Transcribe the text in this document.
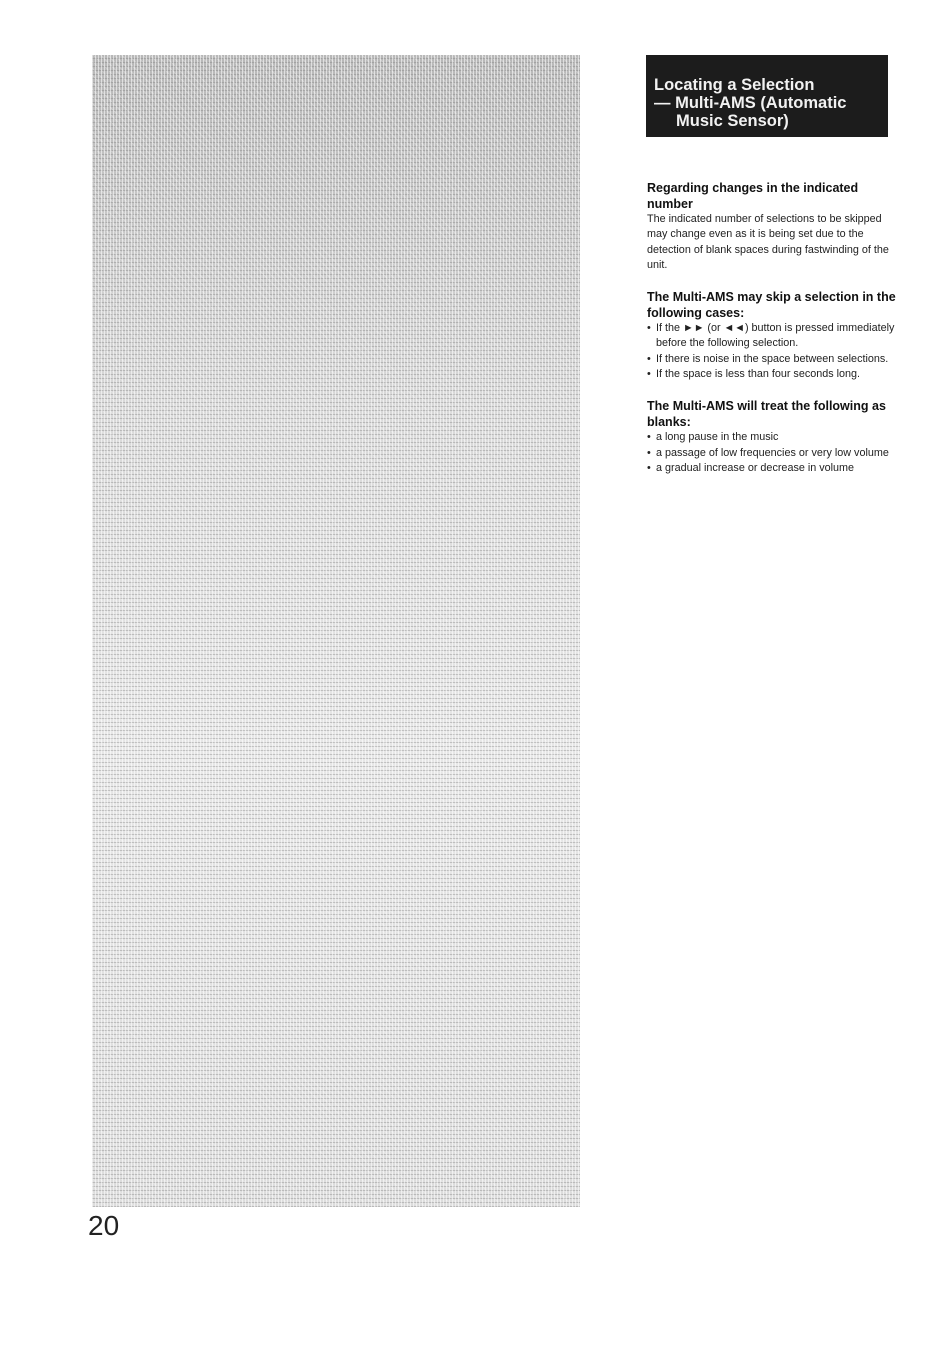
Locating a Selection
— Multi-AMS (Automatic
Music Sensor)

Regarding changes in the indicated number

The indicated number of selections to be skipped may change even as it is being set due to the detection of blank spaces during fastwinding of the unit.

The Multi-AMS may skip a selection in the following cases:

• If the ►► (or ◄◄) button is pressed immediately before the following selection.
• If there is noise in the space between selections.
• If the space is less than four seconds long.

The Multi-AMS will treat the following as blanks:

• a long pause in the music
• a passage of low frequencies or very low volume
• a gradual increase or decrease in volume
20
